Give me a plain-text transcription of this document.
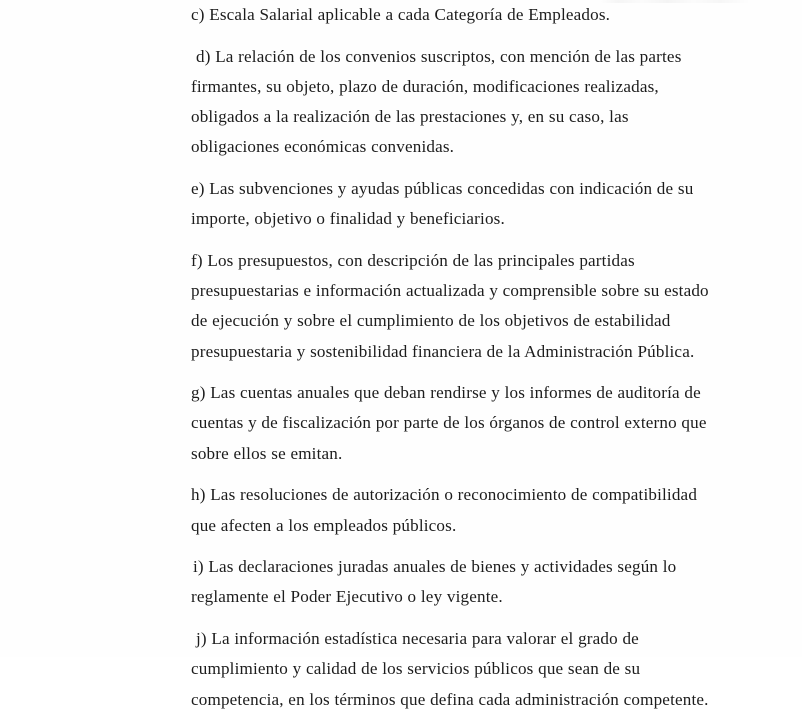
c) Escala Salarial aplicable a cada Categoría de Empleados.

d) La relación de los convenios suscriptos, con mención de las partes firmantes, su objeto, plazo de duración, modificaciones realizadas, obligados a la realización de las prestaciones y, en su caso, las obligaciones económicas convenidas.

e) Las subvenciones y ayudas públicas concedidas con indicación de su importe, objetivo o finalidad y beneficiarios.

f) Los presupuestos, con descripción de las principales partidas presupuestarias e información actualizada y comprensible sobre su estado de ejecución y sobre el cumplimiento de los objetivos de estabilidad presupuestaria y sostenibilidad financiera de la Administración Pública.

g) Las cuentas anuales que deban rendirse y los informes de auditoría de cuentas y de fiscalización por parte de los órganos de control externo que sobre ellos se emitan.

h) Las resoluciones de autorización o reconocimiento de compatibilidad que afecten a los empleados públicos.

i) Las declaraciones juradas anuales de bienes y actividades según lo reglamente el Poder Ejecutivo o ley vigente.

j) La información estadística necesaria para valorar el grado de cumplimiento y calidad de los servicios públicos que sean de su competencia, en los términos que defina cada administración competente.
